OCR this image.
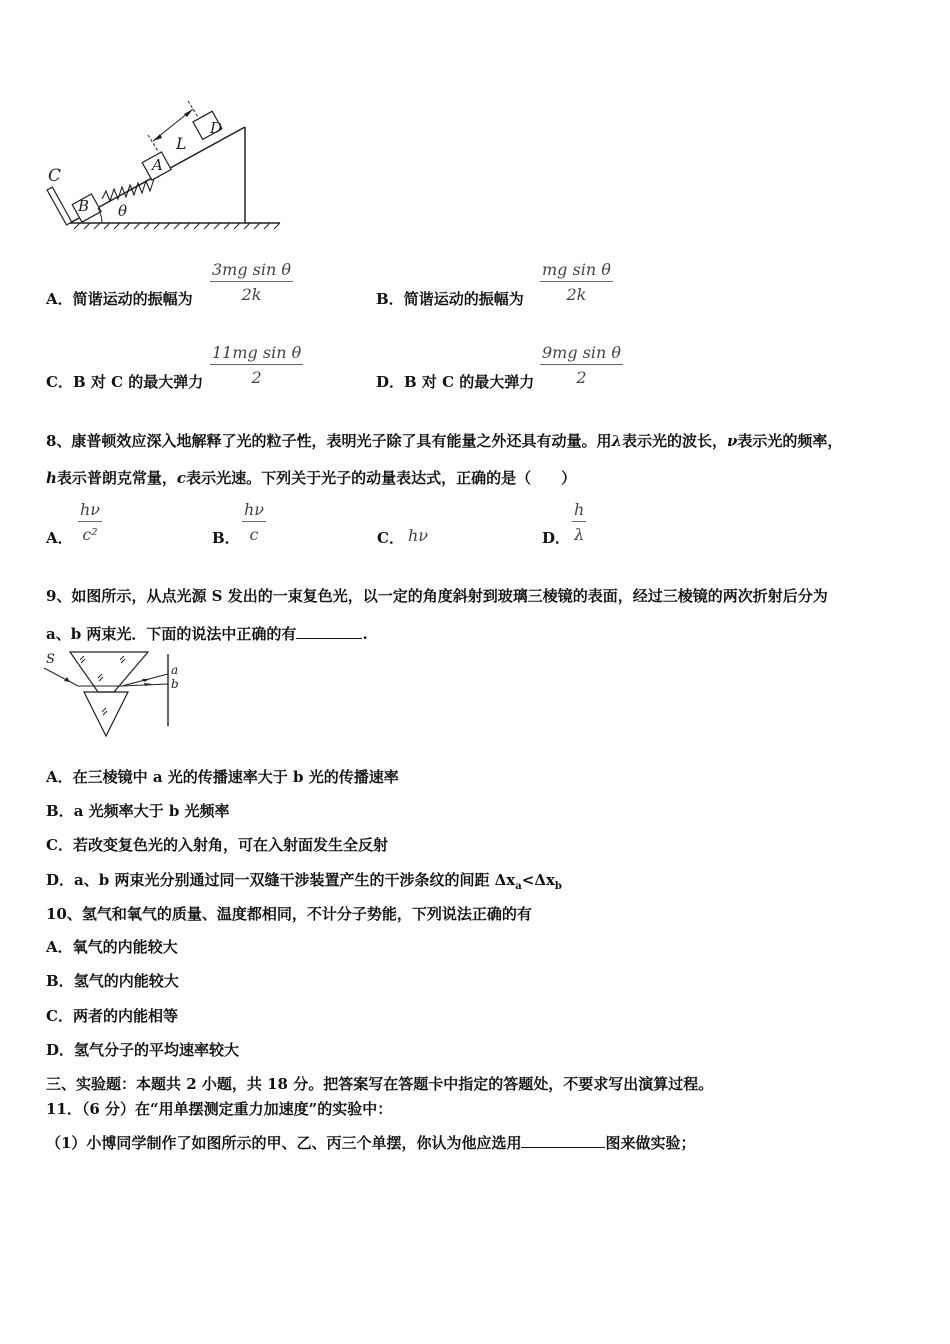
C
B
A
D
L
θ
A．简谐运动的振幅为 $\frac{\text{3mg sin θ}}{2k}$	B．简谐运动的振幅为 $\frac{\text{mg sin θ}}{2k}$
C．B 对 C 的最大弹力 $\frac{\text{11mg sin θ}}{2}$	D．B 对 C 的最大弹力 $\frac{\text{9mg sin θ}}{2}$
8、康普顿效应深入地解释了光的粒子性，表明光子除了具有能量之外还具有动量。用λ表示光的波长，ν表示光的频率，
h表示普朗克常量，c表示光速。下列关于光子的动量表达式，正确的是（　　）
A． $\frac{h\nu}{\text{c²}}$	B． $\frac{h\nu}{c}$	C． hν	D． $\frac{h}{\lambda}$
9、如图所示，从点光源 S 发出的一束复色光，以一定的角度斜射到玻璃三棱镜的表面，经过三棱镜的两次折射后分为
a、b 两束光．下面的说法中正确的有	.
S
a
b
A．在三棱镜中 a 光的传播速率大于 b 光的传播速率
B．a 光频率大于 b 光频率
C．若改变复色光的入射角，可在入射面发生全反射
D．a、b 两束光分别通过同一双缝干涉装置产生的干涉条纹的间距 $\Delta x_a<\Delta x_b$
10、氢气和氧气的质量、温度都相同，不计分子势能，下列说法正确的有
A．氧气的内能较大
B．氢气的内能较大
C．两者的内能相等
D．氢气分子的平均速率较大
三、实验题：本题共 2 小题，共 18 分。把答案写在答题卡中指定的答题处，不要求写出演算过程。
11．（6 分）在“用单摆测定重力加速度”的实验中：
（1）小博同学制作了如图所示的甲、乙、丙三个单摆，你认为他应选用	图来做实验；
